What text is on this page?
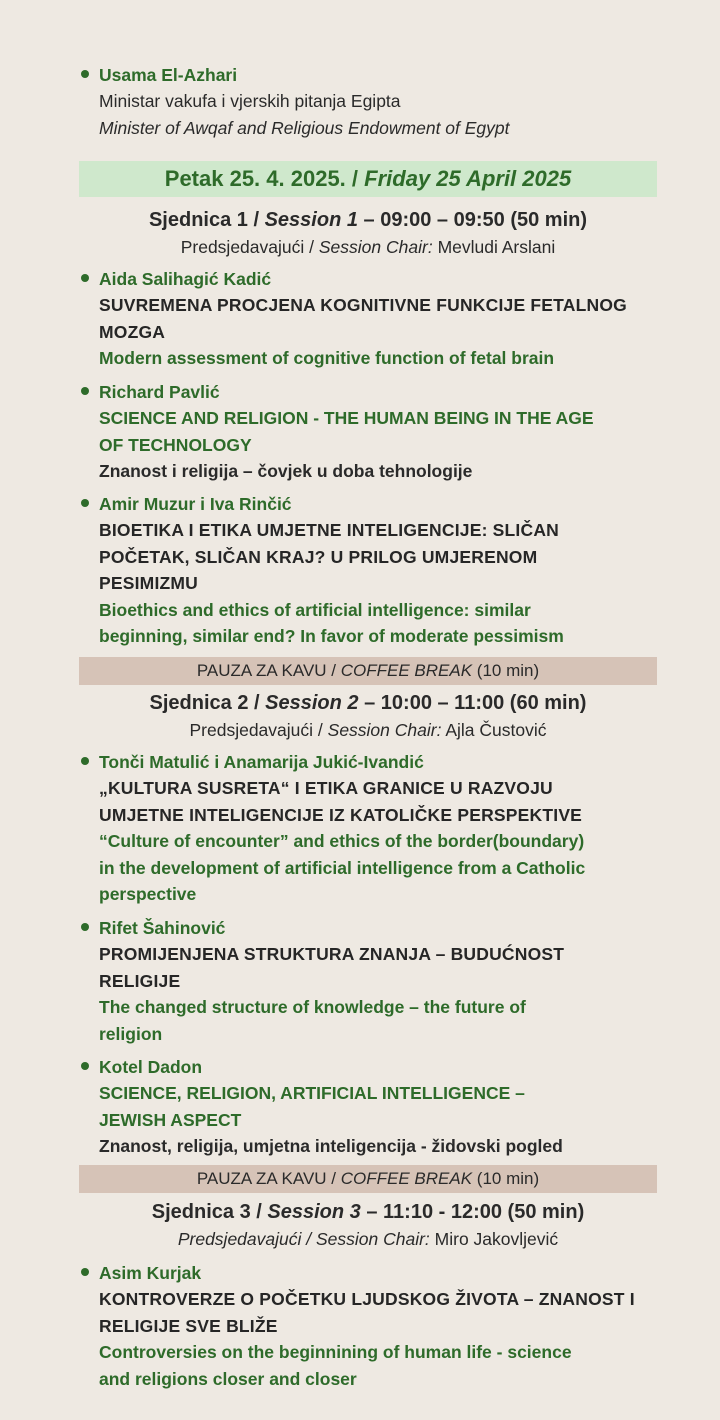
Usama El-Azhari
Ministar vakufa i vjerskih pitanja Egipta
Minister of Awqaf and Religious Endowment of Egypt
Petak 25. 4. 2025. / Friday 25 April 2025
Sjednica 1 / Session 1 – 09:00 – 09:50 (50 min)
Predsjedavajući / Session Chair: Mevludi Arslani
Aida Salihagić Kadić
SUVREMENA PROCJENA KOGNITIVNE FUNKCIJE FETALNOG
MOZGA
Modern assessment of cognitive function of fetal brain
Richard Pavlić
SCIENCE AND RELIGION - THE HUMAN BEING IN THE AGE
OF TECHNOLOGY
Znanost i religija – čovjek u doba tehnologije
Amir Muzur i Iva Rinčić
BIOETIKA I ETIKA UMJETNE INTELIGENCIJE: SLIČAN
POČETAK, SLIČAN KRAJ? U PRILOG UMJERENOM
PESIMIZMU
Bioethics and ethics of artificial intelligence: similar
beginning, similar end? In favor of moderate pessimism
PAUZA ZA KAVU / COFFEE BREAK (10 min)
Sjednica 2 / Session 2 – 10:00 – 11:00 (60 min)
Predsjedavajući / Session Chair: Ajla Čustović
Tonči Matulić i Anamarija Jukić-Ivandić
„KULTURA SUSRETA“ I ETIKA GRANICE U RAZVOJU
UMJETNE INTELIGENCIJE IZ KATOLIČKE PERSPEKTIVE
“Culture of encounter” and ethics of the border(boundary)
in the development of artificial intelligence from a Catholic
perspective
Rifet Šahinović
PROMIJENJENA STRUKTURA ZNANJA – BUDUĆNOST
RELIGIJE
The changed structure of knowledge – the future of
religion
Kotel Dadon
SCIENCE, RELIGION, ARTIFICIAL INTELLIGENCE –
JEWISH ASPECT
Znanost, religija, umjetna inteligencija - židovski pogled
PAUZA ZA KAVU / COFFEE BREAK (10 min)
Sjednica 3 / Session 3 – 11:10 - 12:00 (50 min)
Predsjedavajući / Session Chair: Miro Jakovljević
Asim Kurjak
KONTROVERZE O POČETKU LJUDSKOG ŽIVOTA – ZNANOST I
RELIGIJE SVE BLIŽE
Controversies on the beginnining of human life - science
and religions closer and closer
